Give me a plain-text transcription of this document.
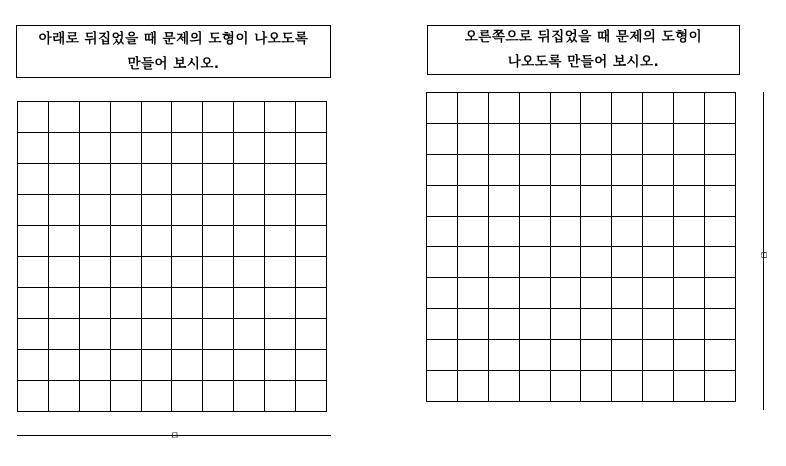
아래로 뒤집었을 때 문제의 도형이 나오도록
만들어 보시오.
오른쪽으로 뒤집었을 때 문제의 도형이
나오도록 만들어 보시오.
ㅁ
ㅁ
